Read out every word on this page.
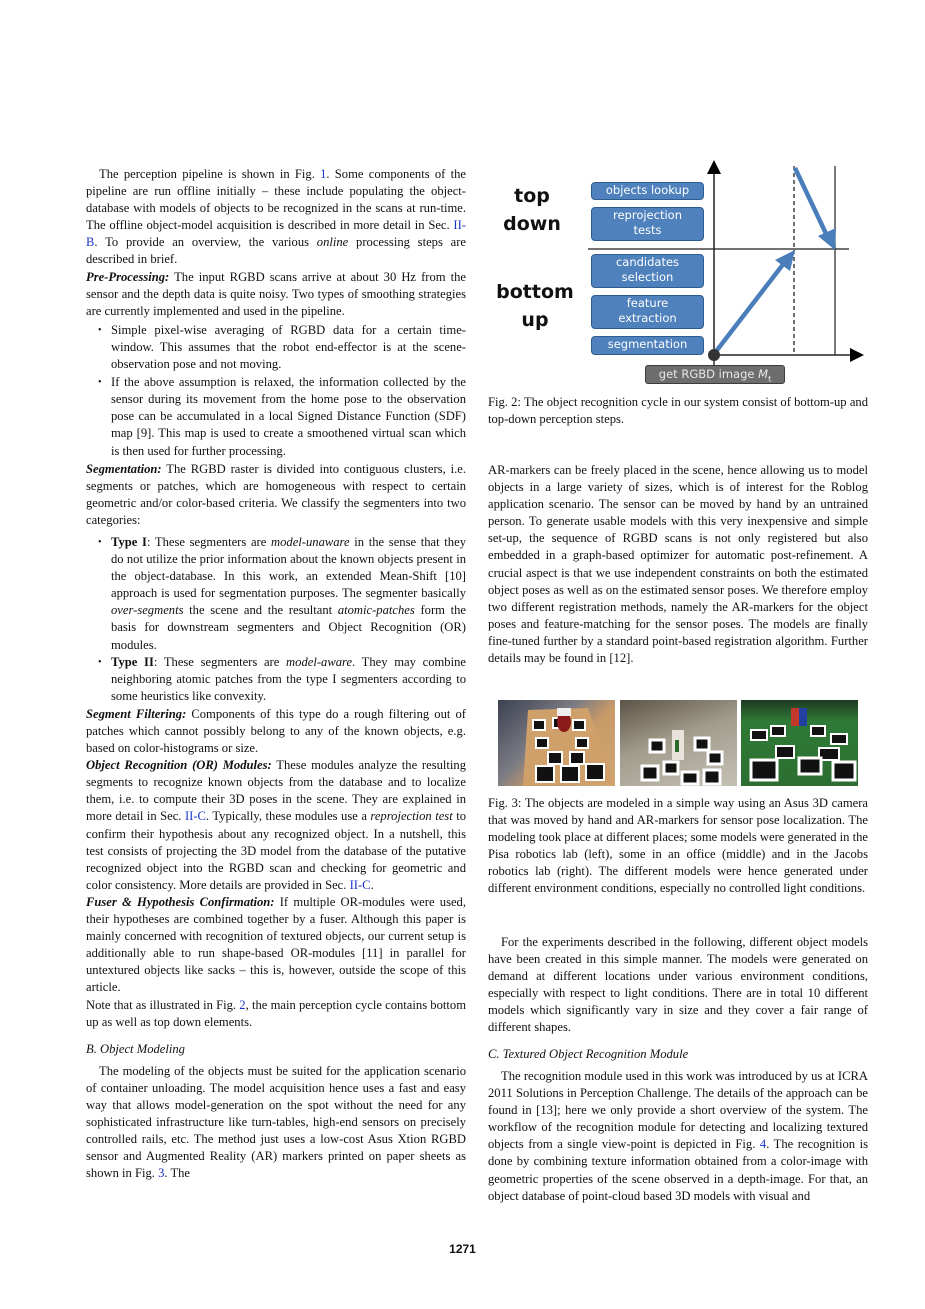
The perception pipeline is shown in Fig. 1. Some components of the pipeline are run offline initially – these include populating the object-database with models of objects to be recognized in the scans at run-time. The offline object-model acquisition is described in more detail in Sec. II-B. To provide an overview, the various online processing steps are described in brief.

Pre-Processing: The input RGBD scans arrive at about 30 Hz from the sensor and the depth data is quite noisy. Two types of smoothing strategies are currently implemented and used in the pipeline.

• Simple pixel-wise averaging of RGBD data for a certain time-window. This assumes that the robot end-effector is at the scene-observation pose and not moving.
• If the above assumption is relaxed, the information collected by the sensor during its movement from the home pose to the observation pose can be accumulated in a local Signed Distance Function (SDF) map [9]. This map is used to create a smoothened virtual scan which is then used for further processing.

Segmentation: The RGBD raster is divided into contiguous clusters, i.e. segments or patches, which are homogeneous with respect to certain geometric and/or color-based criteria. We classify the segmenters into two categories:

• Type I: These segmenters are model-unaware in the sense that they do not utilize the prior information about the known objects present in the object-database. In this work, an extended Mean-Shift [10] approach is used for segmentation purposes. The segmenter basically over-segments the scene and the resultant atomic-patches form the basis for downstream segmenters and Object Recognition (OR) modules.
• Type II: These segmenters are model-aware. They may combine neighboring atomic patches from the type I segmenters according to some heuristics like convexity.

Segment Filtering: Components of this type do a rough filtering out of patches which cannot possibly belong to any of the known objects, e.g. based on color-histograms or size.

Object Recognition (OR) Modules: These modules analyze the resulting segments to recognize known objects from the database and to localize them, i.e. to compute their 3D poses in the scene. They are explained in more detail in Sec. II-C. Typically, these modules use a reprojection test to confirm their hypothesis about any recognized object. In a nutshell, this test consists of projecting the 3D model from the database of the putative recognized object into the RGBD scan and checking for geometric and color consistency. More details are provided in Sec. II-C.

Fuser & Hypothesis Confirmation: If multiple OR-modules were used, their hypotheses are combined together by a fuser. Although this paper is mainly concerned with recognition of textured objects, our current setup is additionally able to run shape-based OR-modules [11] in parallel for untextured objects like sacks – this is, however, outside the scope of this article.

Note that as illustrated in Fig. 2, the main perception cycle contains bottom up as well as top down elements.

B. Object Modeling

The modeling of the objects must be suited for the application scenario of container unloading. The model acquisition hence uses a fast and easy way that allows model-generation on the spot without the need for any sophisticated infrastructure like turn-tables, high-end sensors on precisely controlled rails, etc. The method just uses a low-cost Asus Xtion RGBD sensor and Augmented Reality (AR) markers printed on paper sheets as shown in Fig. 3. The

top
down
bottom
up
objects lookup
reprojection
tests
candidates
selection
feature
extraction
segmentation
get RGBD image $M_t$

Fig. 2: The object recognition cycle in our system consist of bottom-up and top-down perception steps.

AR-markers can be freely placed in the scene, hence allowing us to model objects in a large variety of sizes, which is of interest for the Roblog application scenario. The sensor can be moved by hand by an untrained person. To generate usable models with this very inexpensive and simple set-up, the sequence of RGBD scans is not only registered but also embedded in a graph-based optimizer for automatic post-refinement. A crucial aspect is that we use independent constraints on both the estimated object poses as well as on the estimated sensor poses. We therefore employ two different registration methods, namely the AR-markers for the object poses and feature-matching for the sensor poses. The models are finally fine-tuned further by a standard point-based registration algorithm. Further details may be found in [12].

Fig. 3: The objects are modeled in a simple way using an Asus 3D camera that was moved by hand and AR-markers for sensor pose localization. The modeling took place at different places; some models were generated in the Pisa robotics lab (left), some in an office (middle) and in the Jacobs robotics lab (right). The different models were hence generated under different environment conditions, especially no controlled light conditions.

For the experiments described in the following, different object models have been created in this simple manner. The models were generated on demand at different locations under various environment conditions, especially with respect to light conditions. There are in total 10 different models which significantly vary in size and they cover a fair range of different shapes.

C. Textured Object Recognition Module

The recognition module used in this work was introduced by us at ICRA 2011 Solutions in Perception Challenge. The details of the approach can be found in [13]; here we only provide a short overview of the system. The workflow of the recognition module for detecting and localizing textured objects from a single view-point is depicted in Fig. 4. The recognition is done by combining texture information obtained from a color-image with geometric properties of the scene observed in a depth-image. For that, an object database of point-cloud based 3D models with visual and

1271
